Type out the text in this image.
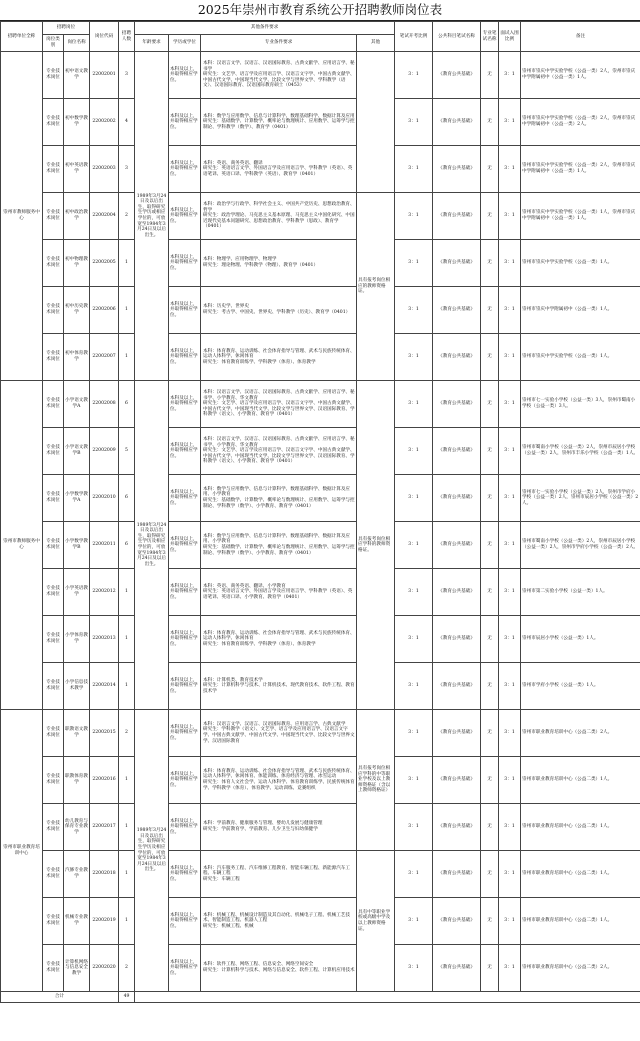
2025年崇州市教育系统公开招聘教师岗位表
招聘单位全称	招聘岗位		岗位代码	招聘人数	其他条件要求				笔试开考比例	公共科目笔试名称	专业笔试名称	面试入围比例	备注
	岗位类别	岗位名称			年龄要求	学历或学位	专业条件要求	其他					
崇州市教师服务中心	专业技术岗位	初中语文教学	22002001	3	1989年3月24日及以后出生，取得研究生学历或相应学位的，可放宽至1984年3月24日及以后出生。	本科及以上，并取得相应学位。	本科：汉语言文学、汉语言、汉语国际教育、古典文献学、应用语言学、秘书学
研究生：文艺学、语言学及应用语言学、汉语言文字学、中国古典文献学、中国古代文学、中国现当代文学、比较文学与世界文学、学科教学（语文）、汉语国际教育、汉语国际教育硕士（0453）		3：1	《教育公共基础》	无	3：1	崇州市崇庆中学实验学校（公益一类）2人，崇州市崇庆中学附属初中（公益一类）1人。
	专业技术岗位	初中数学教学	22002002	4		本科及以上，并取得相应学位。	本科：数学与应用数学、信息与计算科学、数理基础科学、数据计算及应用
研究生：基础数学、计算数学、概率论与数理统计、应用数学、运筹学与控制论、学科教学（数学）、教育学（0401）		3：1	《教育公共基础》	无	3：1	崇州市崇庆中学实验学校（公益一类）2人，崇州市崇庆中学附属初中（公益一类）2人。
	专业技术岗位	初中英语教学	22002003	3		本科及以上，并取得相应学位。	本科：英语、商务英语、翻译
研究生：英语语言文学、外国语言学及应用语言学、学科教学（英语）、英语笔译、英语口译、学科教学（英语）、教育学（0401）		3：1	《教育公共基础》	无	3：1	崇州市崇庆中学实验学校（公益一类）2人，崇州市崇庆中学附属初中（公益一类）1人。
	专业技术岗位	初中政治教学	22002004	2		本科及以上，并取得相应学位。	本科：政治学与行政学、科学社会主义、中国共产党历史、思想政治教育、哲学
研究生：政治学理论、马克思主义基本原理、马克思主义中国化研究、中国近现代史基本问题研究、思想政治教育、学科教学（思政）、教育学（0401）	具有报考岗位相应的教师资格证。	3：1	《教育公共基础》	无	3：1	崇州市崇庆中学实验学校（公益一类）1人，崇州市崇庆中学附属初中（公益一类）1人。
	专业技术岗位	初中物理教学	22002005	1		本科及以上，并取得相应学位。	本科：物理学、应用物理学、物理学
研究生：理论物理、学科教学（物理）、教育学（0401）		3：1	《教育公共基础》	无	3：1	崇州市崇庆中学实验学校（公益一类）1人。
	专业技术岗位	初中历史教学	22002006	1		本科及以上，并取得相应学位。	本科：历史学、世界史
研究生：考古学、中国史、世界史、学科教学（历史）、教育学（0401）		3：1	《教育公共基础》	无	3：1	崇州市崇庆中学附属初中（公益一类）1人。
	专业技术岗位	初中体育教学	22002007	1		本科及以上，并取得相应学位。	本科：体育教育、运动训练、社会体育指导与管理、武术与民族传统体育、运动人体科学、休闲体育
研究生：体育教育训练学、学科教学（体育）、体育教学		3：1	《教育公共基础》	无	3：1	崇州市崇庆中学实验学校（公益一类）1人。
崇州市教师服务中心	专业技术岗位	小学语文教学A	22002008	6	1989年3月24日及以后出生，取得研究生学历及相应学位的，可放宽至1984年3月24日及以后出生。	本科及以上，并取得相应学位。	本科：汉语言文学、汉语言、汉语国际教育、古典文献学、应用语言学、秘书学、小学教育、华文教育
研究生：文艺学、语言学及应用语言学、汉语言文字学、中国古典文献学、中国古代文学、中国现当代文学、比较文学与世界文学、汉语国际教育、学科教学（语文）、小学教育、教育学（0401）	具有报考岗位相应学科的教师资格证。	3：1	《教育公共基础》	无	3：1	崇州市七一实验小学校（公益一类）3人，崇州市蜀南小学校（公益一类）3人。
	专业技术岗位	小学语文教学B	22002009	5		本科及以上，并取得相应学位。	本科：汉语言文学、汉语言、汉语国际教育、古典文献学、应用语言学、秘书学、小学教育、华文教育
研究生：文艺学、语言学及应用语言学、汉语言文字学、中国古典文献学、中国古代文学、中国现当代文学、比较文学与世界文学、汉语国际教育、学科教学（语文）、小学教育、教育学（0401）		3：1	《教育公共基础》	无	3：1	崇州市蜀南小学校（公益一类）2人，崇州市辰居小学校（公益一类）2人，崇州市丰乐小学校（公益一类）1人。
	专业技术岗位	小学数学教学A	22002010	6		本科及以上，并取得相应学位。	本科：数学与应用数学、信息与计算科学、数理基础科学、数据计算及应用、小学教育
研究生：基础数学、计算数学、概率论与数理统计、应用数学、运筹学与控制论、学科教学（数学）、小学教育、教育学（0401）		3：1	《教育公共基础》	无	3：1	崇州市七一实验小学校（公益一类）2人，崇州市学府小学校（公益一类）2人，崇州市辰居小学校（公益一类）2人。
	专业技术岗位	小学数学教学B	22002011	6		本科及以上，并取得相应学位。	本科：数学与应用数学、信息与计算科学、数理基础科学、数据计算及应用、小学教育
研究生：基础数学、计算数学、概率论与数理统计、应用数学、运筹学与控制论、学科教学（数学）、小学教育、教育学（0401）		3：1	《教育公共基础》	无	3：1	崇州市蜀南小学校（公益一类）2人，崇州市辰居小学校（公益一类）2人，崇州市学府小学校（公益一类）2人。
	专业技术岗位	小学英语教学	22002012	1		本科及以上，并取得相应学位。	本科：英语、商务英语、翻译、小学教育
研究生：英语语言文学、外国语言学及应用语言学、学科教学（英语）、英语笔译、英语口译、小学教育、教育学（0401）		3：1	《教育公共基础》	无	3：1	崇州市第二实验小学校（公益一类）1人。
	专业技术岗位	小学体育教学	22002013	1		本科及以上，并取得相应学位。	本科：体育教育、运动训练、社会体育指导与管理、武术与民族传统体育、运动人体科学、休闲体育
研究生：体育教育训练学、学科教学（体育）、体育教学		3：1	《教育公共基础》	无	3：1	崇州市辰居小学校（公益一类）1人。
	专业技术岗位	小学信息技术教学	22002014	1		本科及以上，并取得相应学位。	本科：计算机类、教育技术学
研究生：计算机科学与技术、计算机技术、现代教育技术、软件工程、教育技术学		3：1	《教育公共基础》	无	3：1	崇州市学府小学校（公益一类）1人。
崇州市职业教育培训中心	专业技术岗位	职教语文教学	22002015	2	1989年3月24日及以后出生，取得研究生学历及相应学位的，可放宽至1984年3月24日及以后出生。	本科及以上，并取得相应学位。	本科：汉语言文学、汉语言、汉语国际教育、应用语言学、古典文献学
研究生：学科教学（语文）、文艺学、语言学及应用语言学、汉语言文字学、中国古典文献学、中国古代文学、中国现当代文学、比较文学与世界文学、汉语国际教育	具有报考岗位相应学科的中等职业学校及以上教师资格证（含以上教师资格证）	3：1	《教育公共基础》	无	3：1	崇州市职业教育培训中心（公益二类）2人。
	专业技术岗位	职教体育教学	22002016	1		本科及以上，并取得相应学位。	本科：体育教育、运动训练、社会体育指导与管理、武术与民族传统体育、运动人体科学、休闲体育、体能训练、体育经济与管理、冰雪运动
研究生：体育人文社会学、运动人体科学、体育教育训练学、民族传统体育学、学科教学（体育）、体育教学、运动训练、竞赛组织		3：1	《教育公共基础》	无	3：1	崇州市职业教育培训中心（公益二类）1人。
	专业技术岗位	幼儿教育与保育专业教学	22002017	1		本科及以上，并取得相应学位。	本科：学前教育、健康服务与管理、婴幼儿发展与健康管理
研究生：学前教育学、学前教育、儿少卫生与妇幼保健学		3：1	《教育公共基础》	无	3：1	崇州市职业教育培训中心（公益二类）1人。
	专业技术岗位	汽修专业教学	22002018	1		本科及以上，并取得相应学位。	本科：汽车服务工程、汽车维修工程教育、智能车辆工程、新能源汽车工程、车辆工程
研究生：车辆工程	具有中等职业学校或高级中学及以上教师资格证。	3：1	《教育公共基础》	无	3：1	崇州市职业教育培训中心（公益二类）1人。
	专业技术岗位	机械专业教学	22002019	1		本科及以上，并取得相应学位。	本科：机械工程、机械设计制造及其自动化、机械电子工程、机械工艺技术、智能制造工程、机器人工程
研究生：机械工程、机械		3：1	《教育公共基础》	无	3：1	崇州市职业教育培训中心（公益二类）1人。
	专业技术岗位	计算机网络与信息安全教学	22002020	2		本科及以上，并取得相应学位。	本科：软件工程、网络工程、信息安全、网络空间安全
研究生：计算机科学与技术、网络与信息安全、软件工程、计算机应用技术		3：1	《教育公共基础》	无	3：1	崇州市职业教育培训中心（公益二类）2人。
合计				49									
